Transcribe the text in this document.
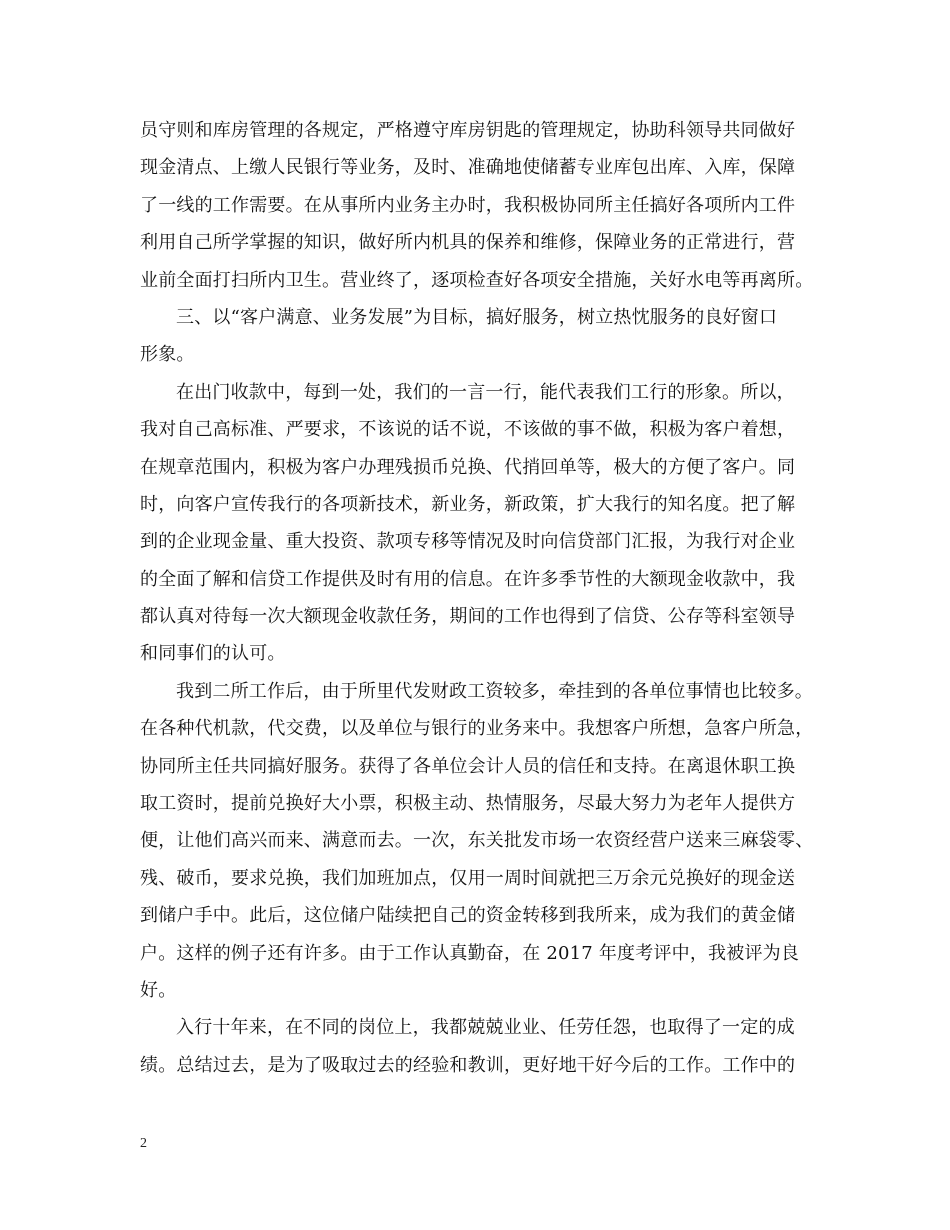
员守则和库房管理的各规定，严格遵守库房钥匙的管理规定，协助科领导共同做好
现金清点、上缴人民银行等业务，及时、准确地使储蓄专业库包出库、入库，保障
了一线的工作需要。在从事所内业务主办时，我积极协同所主任搞好各项所内工件
利用自己所学掌握的知识，做好所内机具的保养和维修，保障业务的正常进行，营
业前全面打扫所内卫生。营业终了，逐项检查好各项安全措施，关好水电等再离所。
三、以“客户满意、业务发展”为目标，搞好服务，树立热忱服务的良好窗口
形象。
在出门收款中，每到一处，我们的一言一行，能代表我们工行的形象。所以，
我对自己高标准、严要求，不该说的话不说，不该做的事不做，积极为客户着想，
在规章范围内，积极为客户办理残损币兑换、代捎回单等，极大的方便了客户。同
时，向客户宣传我行的各项新技术，新业务，新政策，扩大我行的知名度。把了解
到的企业现金量、重大投资、款项专移等情况及时向信贷部门汇报，为我行对企业
的全面了解和信贷工作提供及时有用的信息。在许多季节性的大额现金收款中，我
都认真对待每一次大额现金收款任务，期间的工作也得到了信贷、公存等科室领导
和同事们的认可。
我到二所工作后，由于所里代发财政工资较多，牵挂到的各单位事情也比较多。
在各种代机款，代交费，以及单位与银行的业务来中。我想客户所想，急客户所急，
协同所主任共同搞好服务。获得了各单位会计人员的信任和支持。在离退休职工换
取工资时，提前兑换好大小票，积极主动、热情服务，尽最大努力为老年人提供方
便，让他们高兴而来、满意而去。一次，东关批发市场一农资经营户送来三麻袋零、
残、破币，要求兑换，我们加班加点，仅用一周时间就把三万余元兑换好的现金送
到储户手中。此后，这位储户陆续把自己的资金转移到我所来，成为我们的黄金储
户。这样的例子还有许多。由于工作认真勤奋，在 2017 年度考评中，我被评为良
好。
入行十年来，在不同的岗位上，我都兢兢业业、任劳任怨，也取得了一定的成
绩。总结过去，是为了吸取过去的经验和教训，更好地干好今后的工作。工作中的
2
